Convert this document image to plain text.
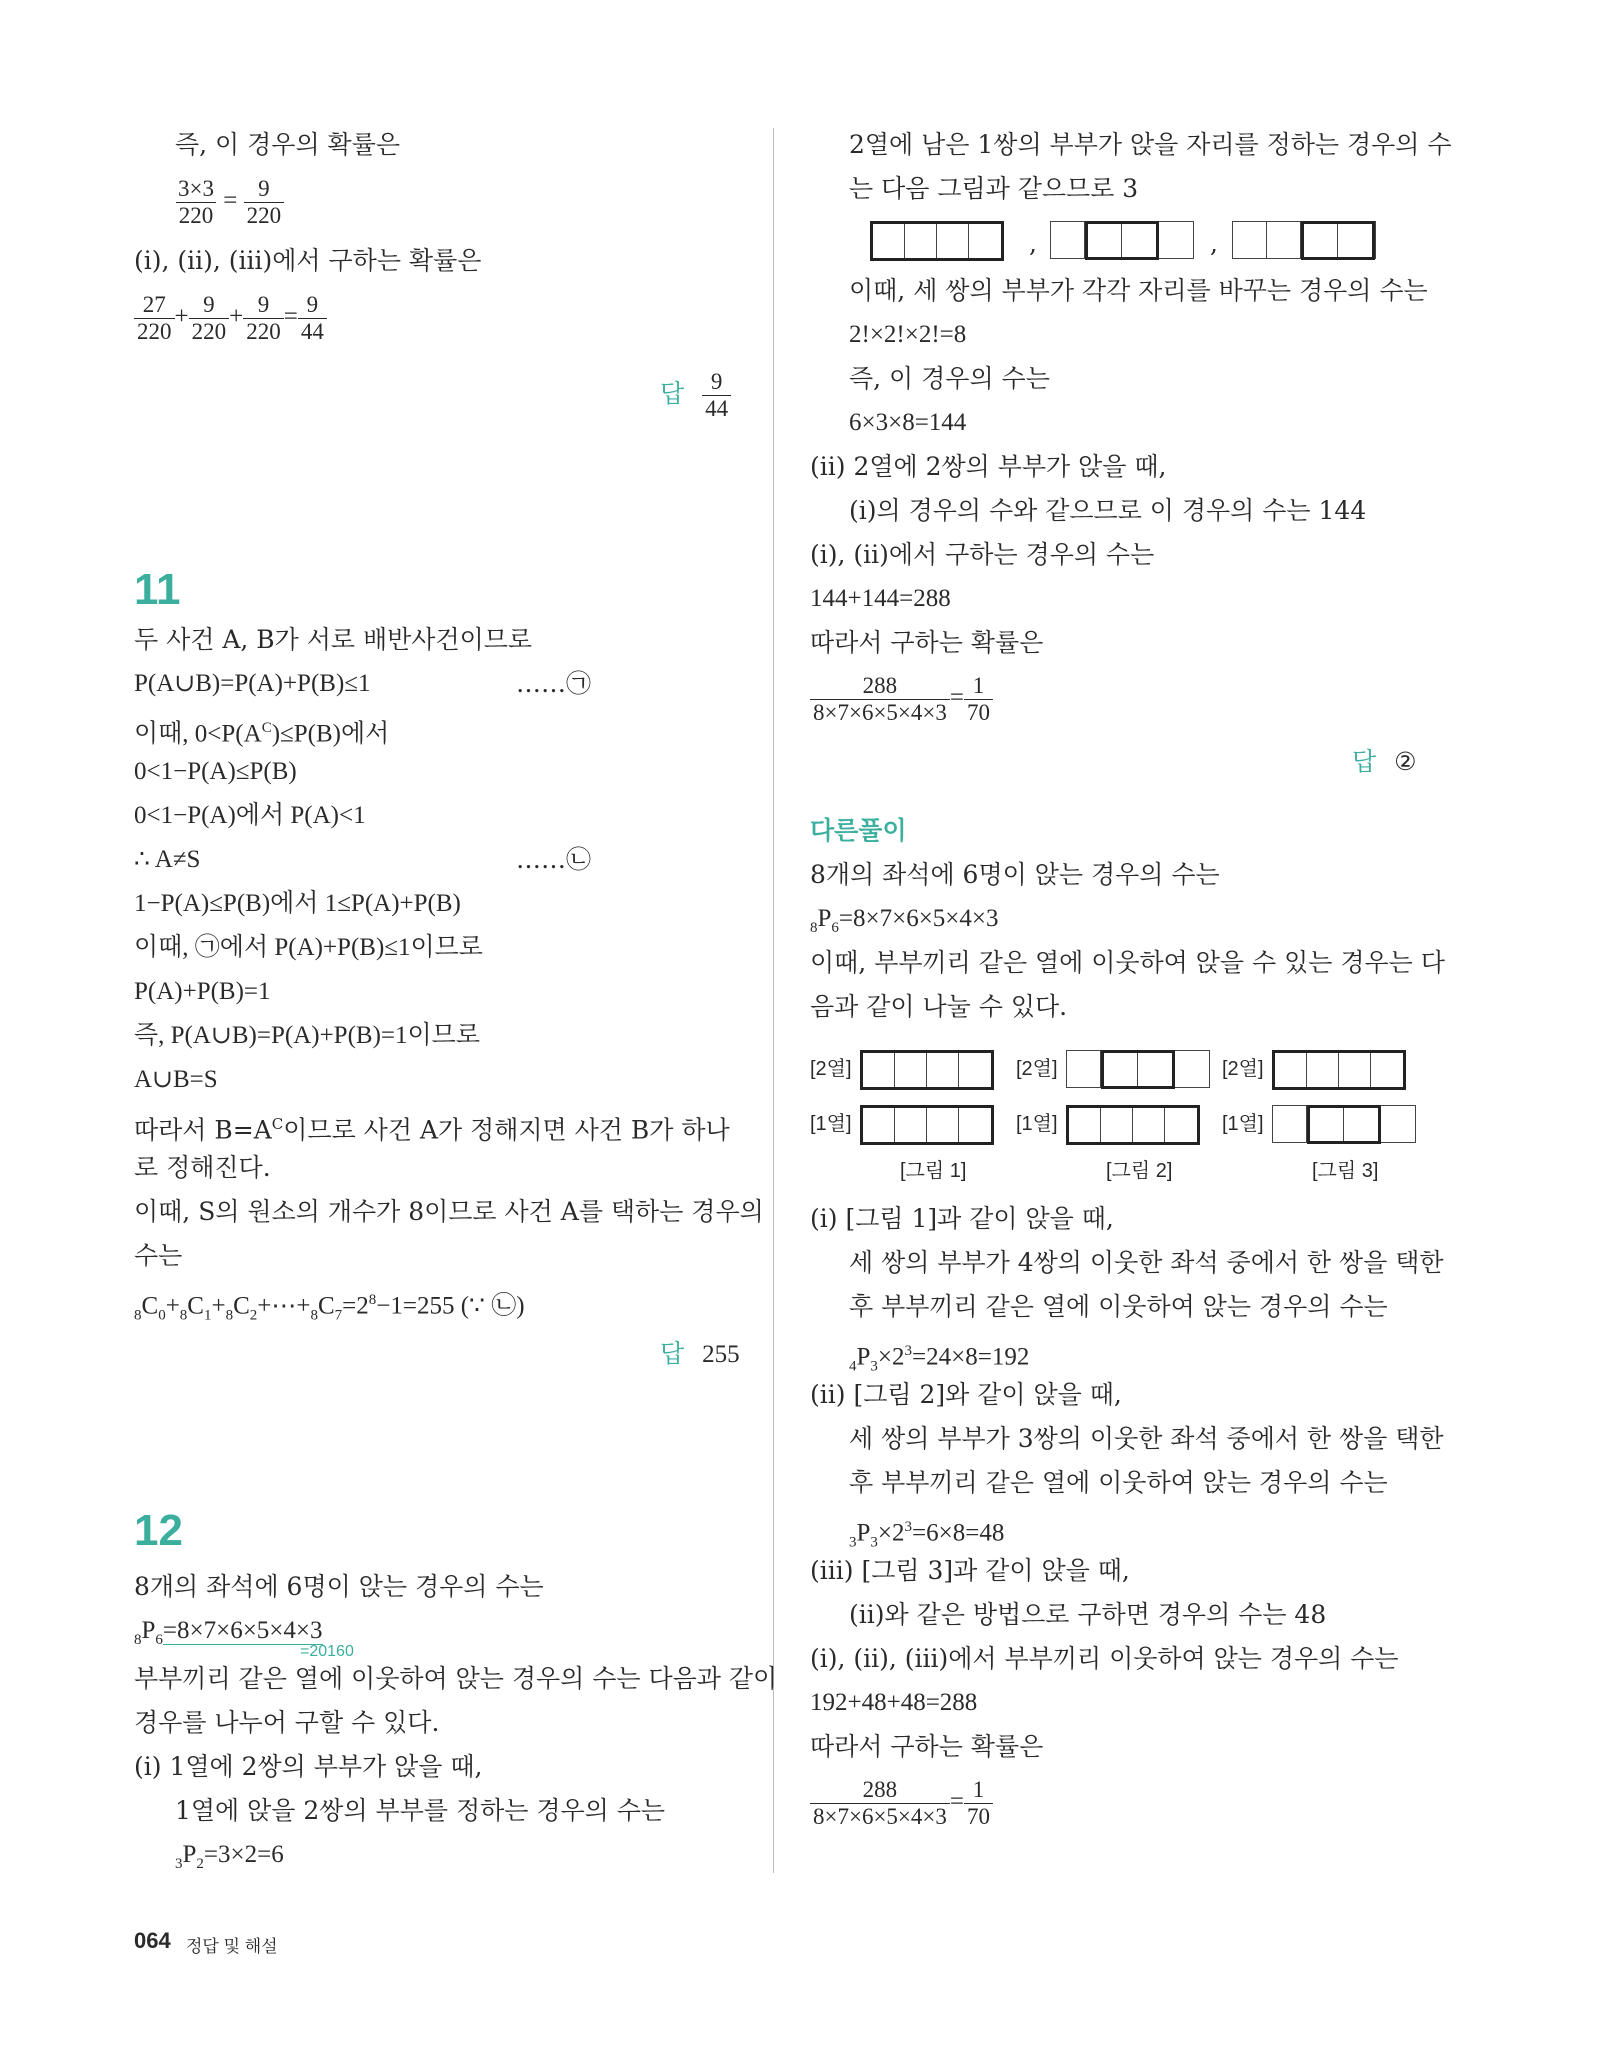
즉, 이 경우의 확률은
$\frac{3\times 3}{220} = \frac{9}{220}$
(ⅰ), (ⅱ), (ⅲ)에서 구하는 확률은
$\frac{27}{220} + \frac{9}{220} + \frac{9}{220} = \frac{9}{44}$
답 $\frac{9}{44}$
11
두 사건 A, B가 서로 배반사건이므로
P(A∪B)=P(A)+P(B)≤1	……㉠
이때, $0<P(A^C)\le P(B)$에서
0<1−P(A)≤P(B)
0<1−P(A)에서 P(A)<1
∴ A≠S	……㉡
1−P(A)≤P(B)에서 1≤P(A)+P(B)
이때, ㉠에서 P(A)+P(B)≤1이므로
P(A)+P(B)=1
즉, P(A∪B)=P(A)+P(B)=1이므로
A∪B=S
따라서 $B=A^C$이므로 사건 A가 정해지면 사건 B가 하나
로 정해진다.
이때, S의 원소의 개수가 8이므로 사건 A를 택하는 경우의
수는
$_8C_0+_8C_1+_8C_2+\cdots+_8C_7=2^8-1=255$ (∵ ㉡)
답 255
12
8개의 좌석에 6명이 앉는 경우의 수는
$_8P_6=8\times 7\times 6\times 5\times 4\times 3$
=20160
부부끼리 같은 열에 이웃하여 앉는 경우의 수는 다음과 같이
경우를 나누어 구할 수 있다.
(ⅰ) 1열에 2쌍의 부부가 앉을 때,
1열에 앉을 2쌍의 부부를 정하는 경우의 수는
$_3P_2=3\times 2=6$
2열에 남은 1쌍의 부부가 앉을 자리를 정하는 경우의 수
는 다음 그림과 같으므로 3
,	,
이때, 세 쌍의 부부가 각각 자리를 바꾸는 경우의 수는
2!×2!×2!=8
즉, 이 경우의 수는
6×3×8=144
(ⅱ) 2열에 2쌍의 부부가 앉을 때,
(ⅰ)의 경우의 수와 같으므로 이 경우의 수는 144
(ⅰ), (ⅱ)에서 구하는 경우의 수는
144+144=288
따라서 구하는 확률은
$\frac{288}{8\times 7\times 6\times 5\times 4\times 3} = \frac{1}{70}$
답 ②
다른풀이
8개의 좌석에 6명이 앉는 경우의 수는
$_8P_6=8\times 7\times 6\times 5\times 4\times 3$
이때, 부부끼리 같은 열에 이웃하여 앉을 수 있는 경우는 다
음과 같이 나눌 수 있다.
[2열]
[1열]
[그림 1]
[2열]
[1열]
[그림 2]
[2열]
[1열]
[그림 3]
(ⅰ) [그림 1]과 같이 앉을 때,
세 쌍의 부부가 4쌍의 이웃한 좌석 중에서 한 쌍을 택한
후 부부끼리 같은 열에 이웃하여 앉는 경우의 수는
$_4P_3\times 2^3=24\times 8=192$
(ⅱ) [그림 2]와 같이 앉을 때,
세 쌍의 부부가 3쌍의 이웃한 좌석 중에서 한 쌍을 택한
후 부부끼리 같은 열에 이웃하여 앉는 경우의 수는
$_3P_3\times 2^3=6\times 8=48$
(ⅲ) [그림 3]과 같이 앉을 때,
(ⅱ)와 같은 방법으로 구하면 경우의 수는 48
(ⅰ), (ⅱ), (ⅲ)에서 부부끼리 이웃하여 앉는 경우의 수는
192+48+48=288
따라서 구하는 확률은
$\frac{288}{8\times 7\times 6\times 5\times 4\times 3} = \frac{1}{70}$
064 정답 및 해설
